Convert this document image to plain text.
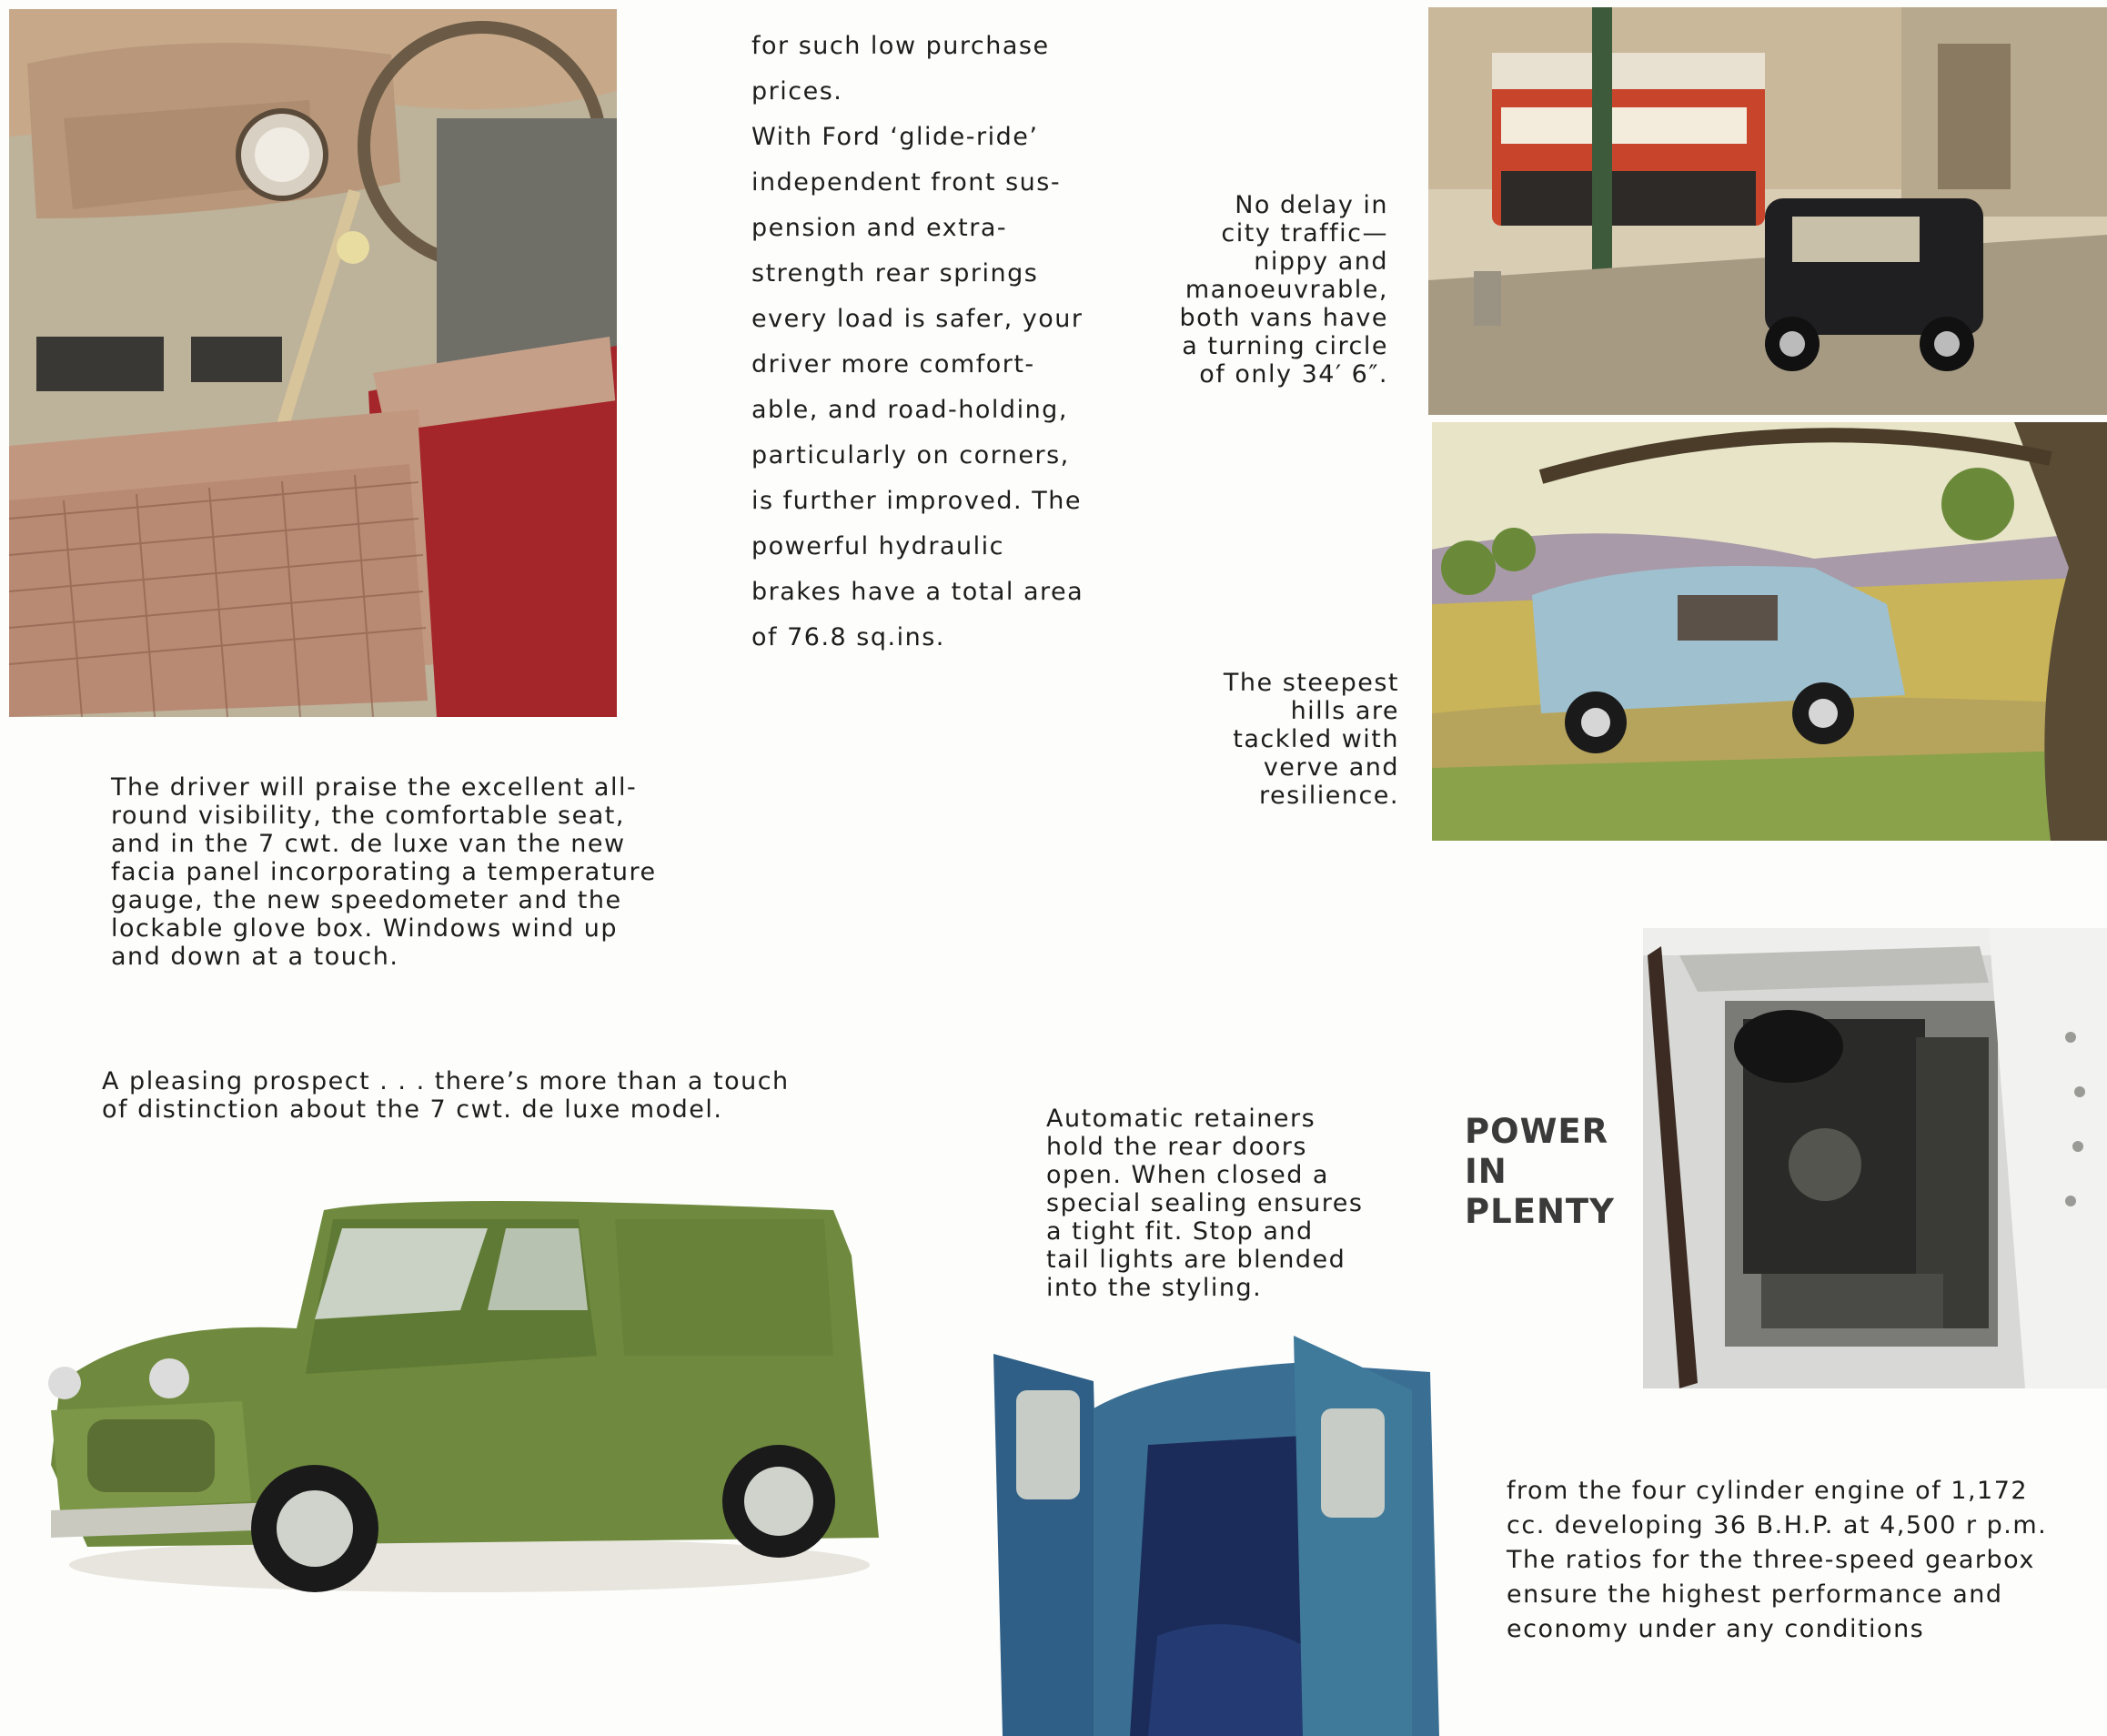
for such low purchase
prices.
With Ford ‘glide-ride’
independent front sus-
pension and extra-
strength rear springs
every load is safer, your
driver more comfort-
able, and road-holding,
particularly on corners,
is further improved. The
powerful hydraulic
brakes have a total area
of 76.8 sq.ins.

No delay in
city traffic—
nippy and
manoeuvrable,
both vans have
a turning circle
of only 34′ 6″.

The steepest
hills are
tackled with
verve and
resilience.

The driver will praise the excellent all-
round visibility, the comfortable seat,
and in the 7 cwt. de luxe van the new
facia panel incorporating a temperature
gauge, the new speedometer and the
lockable glove box. Windows wind up
and down at a touch.

A pleasing prospect . . . there’s more than a touch
of distinction about the 7 cwt. de luxe model.	Automatic retainers
hold the rear doors
open. When closed a
special sealing ensures
a tight fit. Stop and
tail lights are blended
into the styling.

POWER
IN
PLENTY

from the four cylinder engine of 1,172
cc. developing 36 B.H.P. at 4,500 r p.m.
The ratios for the three-speed gearbox
ensure the highest performance and
economy under any conditions
